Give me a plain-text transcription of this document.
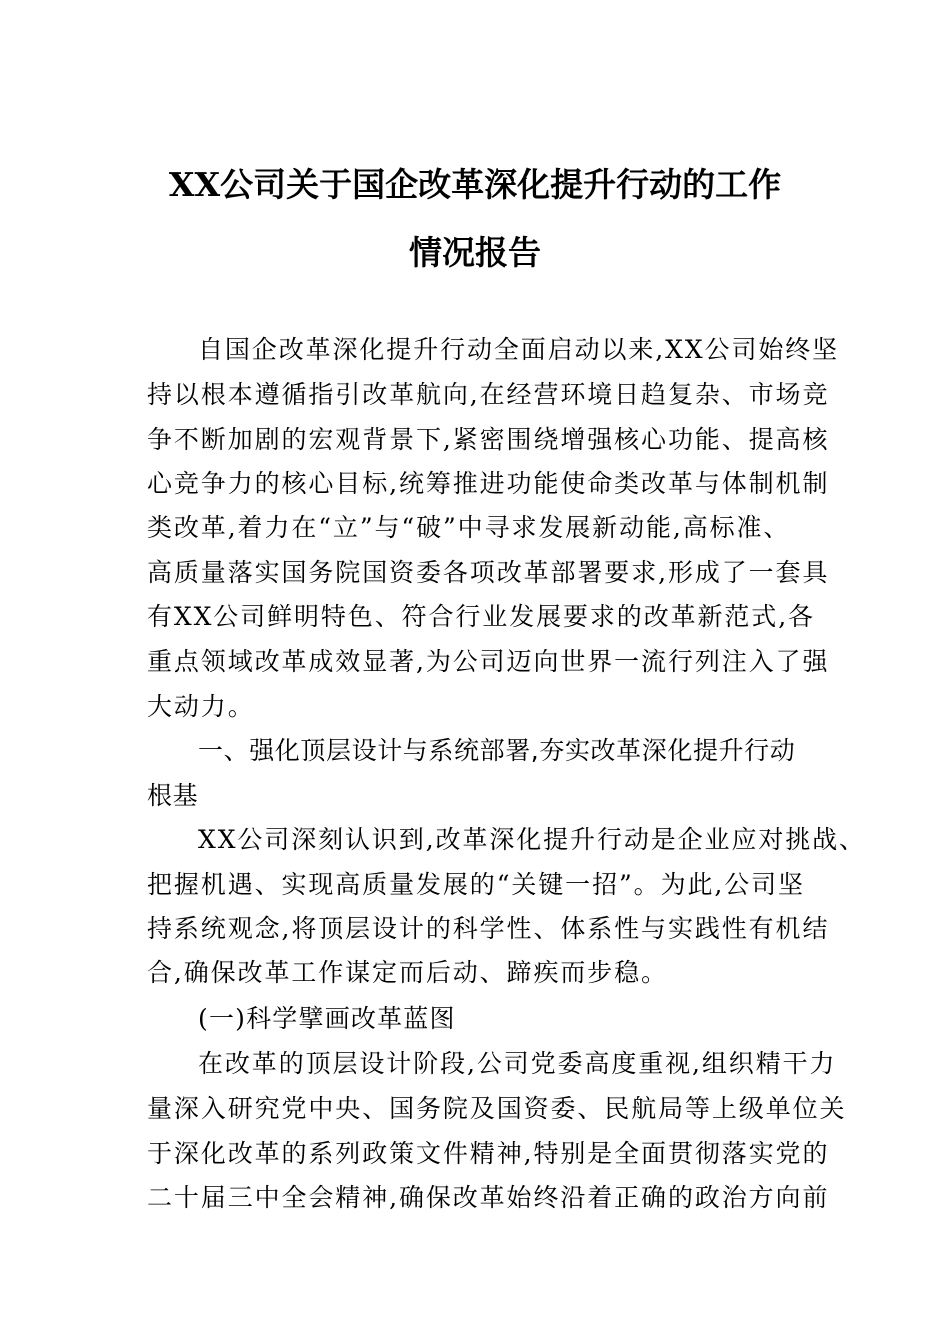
XX公司关于国企改革深化提升行动的工作
情况报告
自国企改革深化提升行动全面启动以来,XX公司始终坚
持以根本遵循指引改革航向,在经营环境日趋复杂、市场竞
争不断加剧的宏观背景下,紧密围绕增强核心功能、提高核
心竞争力的核心目标,统筹推进功能使命类改革与体制机制
类改革,着力在“立”与“破”中寻求发展新动能,高标准、
高质量落实国务院国资委各项改革部署要求,形成了一套具
有XX公司鲜明特色、符合行业发展要求的改革新范式,各
重点领域改革成效显著,为公司迈向世界一流行列注入了强
大动力。
一、强化顶层设计与系统部署,夯实改革深化提升行动
根基
XX公司深刻认识到,改革深化提升行动是企业应对挑战、
把握机遇、实现高质量发展的“关键一招”。为此,公司坚
持系统观念,将顶层设计的科学性、体系性与实践性有机结
合,确保改革工作谋定而后动、蹄疾而步稳。
(一)科学擘画改革蓝图
在改革的顶层设计阶段,公司党委高度重视,组织精干力
量深入研究党中央、国务院及国资委、民航局等上级单位关
于深化改革的系列政策文件精神,特别是全面贯彻落实党的
二十届三中全会精神,确保改革始终沿着正确的政治方向前
